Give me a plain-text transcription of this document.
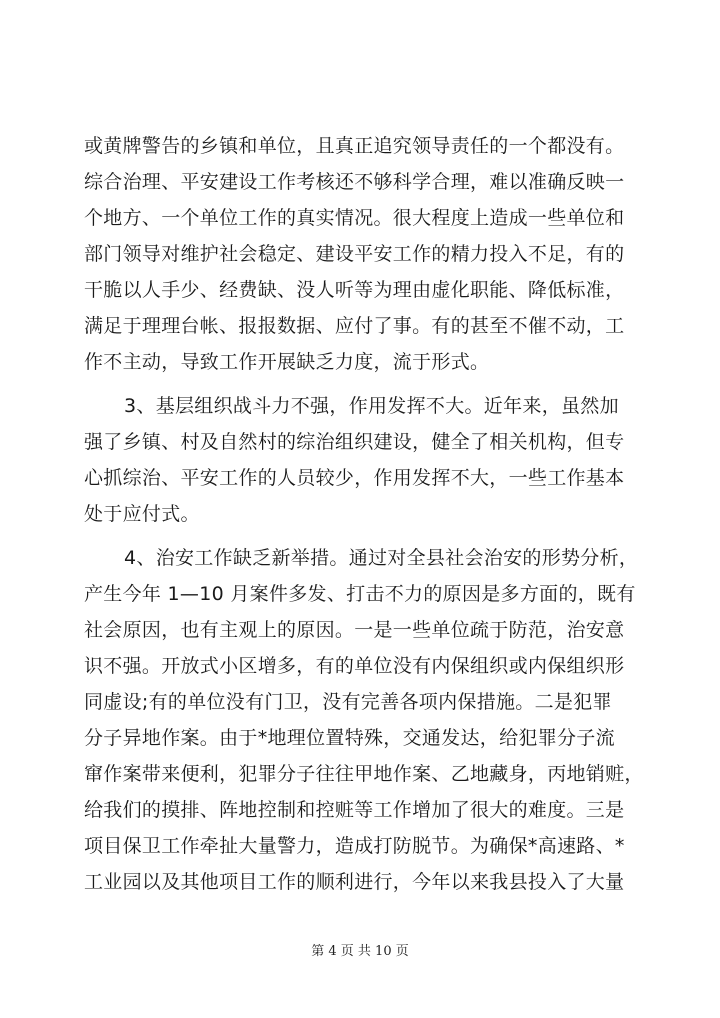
或黄牌警告的乡镇和单位，且真正追究领导责任的一个都没有。
综合治理、平安建设工作考核还不够科学合理，难以准确反映一
个地方、一个单位工作的真实情况。很大程度上造成一些单位和
部门领导对维护社会稳定、建设平安工作的精力投入不足，有的
干脆以人手少、经费缺、没人听等为理由虚化职能、降低标准，
满足于理理台帐、报报数据、应付了事。有的甚至不催不动，工
作不主动，导致工作开展缺乏力度，流于形式。
3、基层组织战斗力不强，作用发挥不大。近年来，虽然加
强了乡镇、村及自然村的综治组织建设，健全了相关机构，但专
心抓综治、平安工作的人员较少，作用发挥不大，一些工作基本
处于应付式。
4、治安工作缺乏新举措。通过对全县社会治安的形势分析，
产生今年 1—10 月案件多发、打击不力的原因是多方面的，既有
社会原因，也有主观上的原因。一是一些单位疏于防范，治安意
识不强。开放式小区增多，有的单位没有内保组织或内保组织形
同虚设;有的单位没有门卫，没有完善各项内保措施。二是犯罪
分子异地作案。由于*地理位置特殊，交通发达，给犯罪分子流
窜作案带来便利，犯罪分子往往甲地作案、乙地藏身，丙地销赃，
给我们的摸排、阵地控制和控赃等工作增加了很大的难度。三是
项目保卫工作牵扯大量警力，造成打防脱节。为确保*高速路、*
工业园以及其他项目工作的顺利进行，今年以来我县投入了大量
第 4 页 共 10 页
